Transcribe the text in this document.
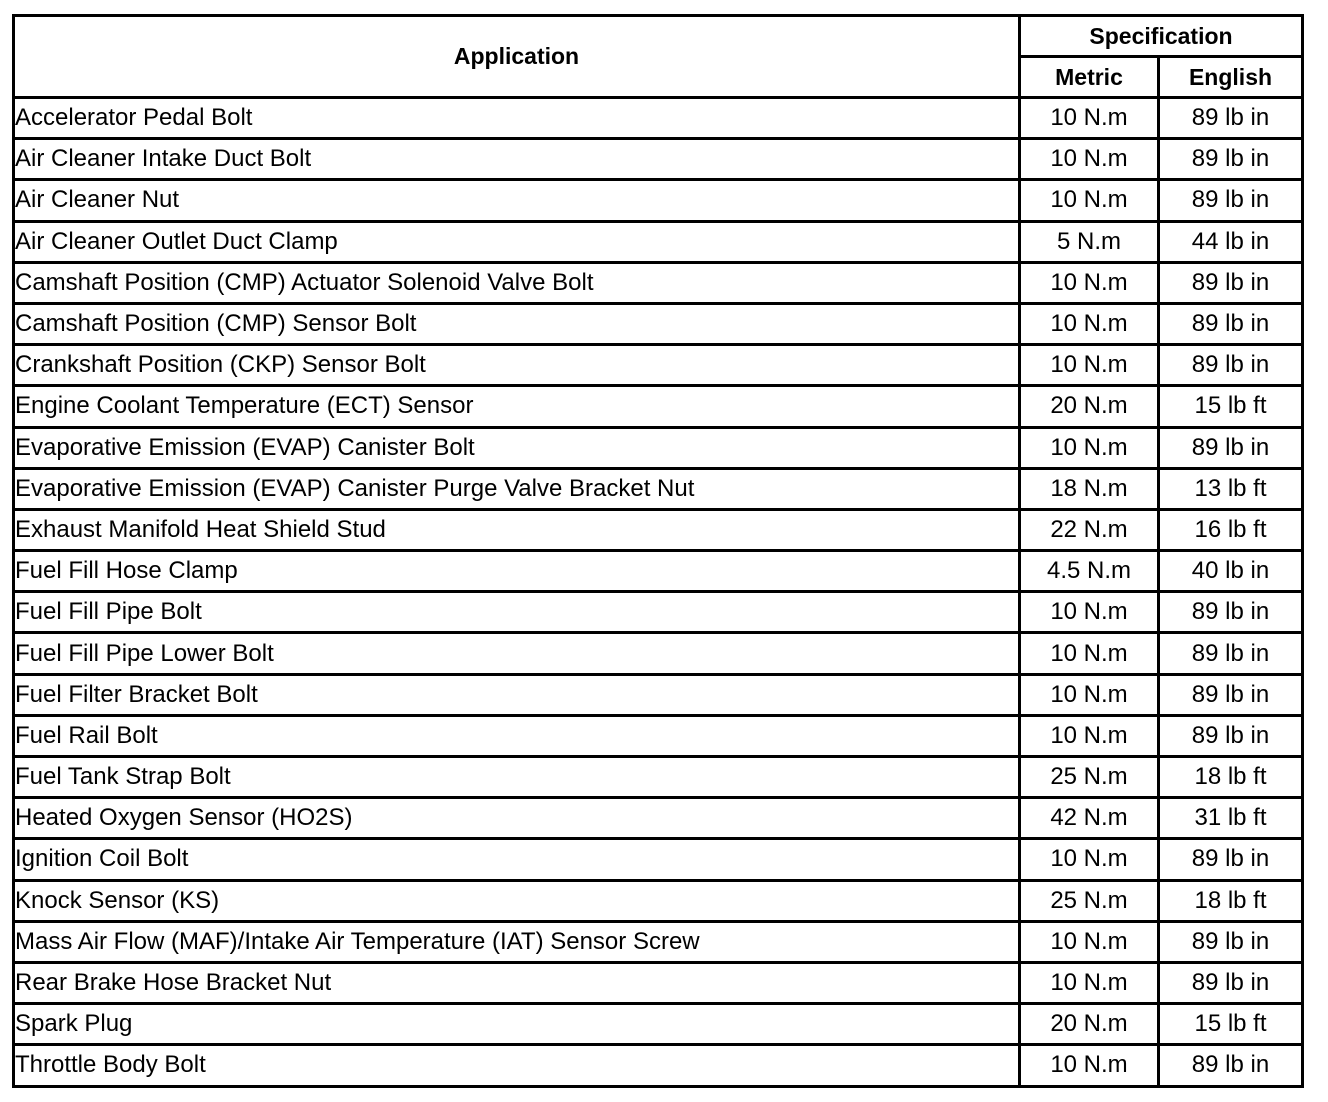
Application	Specification	
	Metric	English
Accelerator Pedal Bolt	10 N.m	89 lb in
Air Cleaner Intake Duct Bolt	10 N.m	89 lb in
Air Cleaner Nut	10 N.m	89 lb in
Air Cleaner Outlet Duct Clamp	5 N.m	44 lb in
Camshaft Position (CMP) Actuator Solenoid Valve Bolt	10 N.m	89 lb in
Camshaft Position (CMP) Sensor Bolt	10 N.m	89 lb in
Crankshaft Position (CKP) Sensor Bolt	10 N.m	89 lb in
Engine Coolant Temperature (ECT) Sensor	20 N.m	15 lb ft
Evaporative Emission (EVAP) Canister Bolt	10 N.m	89 lb in
Evaporative Emission (EVAP) Canister Purge Valve Bracket Nut	18 N.m	13 lb ft
Exhaust Manifold Heat Shield Stud	22 N.m	16 lb ft
Fuel Fill Hose Clamp	4.5 N.m	40 lb in
Fuel Fill Pipe Bolt	10 N.m	89 lb in
Fuel Fill Pipe Lower Bolt	10 N.m	89 lb in
Fuel Filter Bracket Bolt	10 N.m	89 lb in
Fuel Rail Bolt	10 N.m	89 lb in
Fuel Tank Strap Bolt	25 N.m	18 lb ft
Heated Oxygen Sensor (HO2S)	42 N.m	31 lb ft
Ignition Coil Bolt	10 N.m	89 lb in
Knock Sensor (KS)	25 N.m	18 lb ft
Mass Air Flow (MAF)/Intake Air Temperature (IAT) Sensor Screw	10 N.m	89 lb in
Rear Brake Hose Bracket Nut	10 N.m	89 lb in
Spark Plug	20 N.m	15 lb ft
Throttle Body Bolt	10 N.m	89 lb in
